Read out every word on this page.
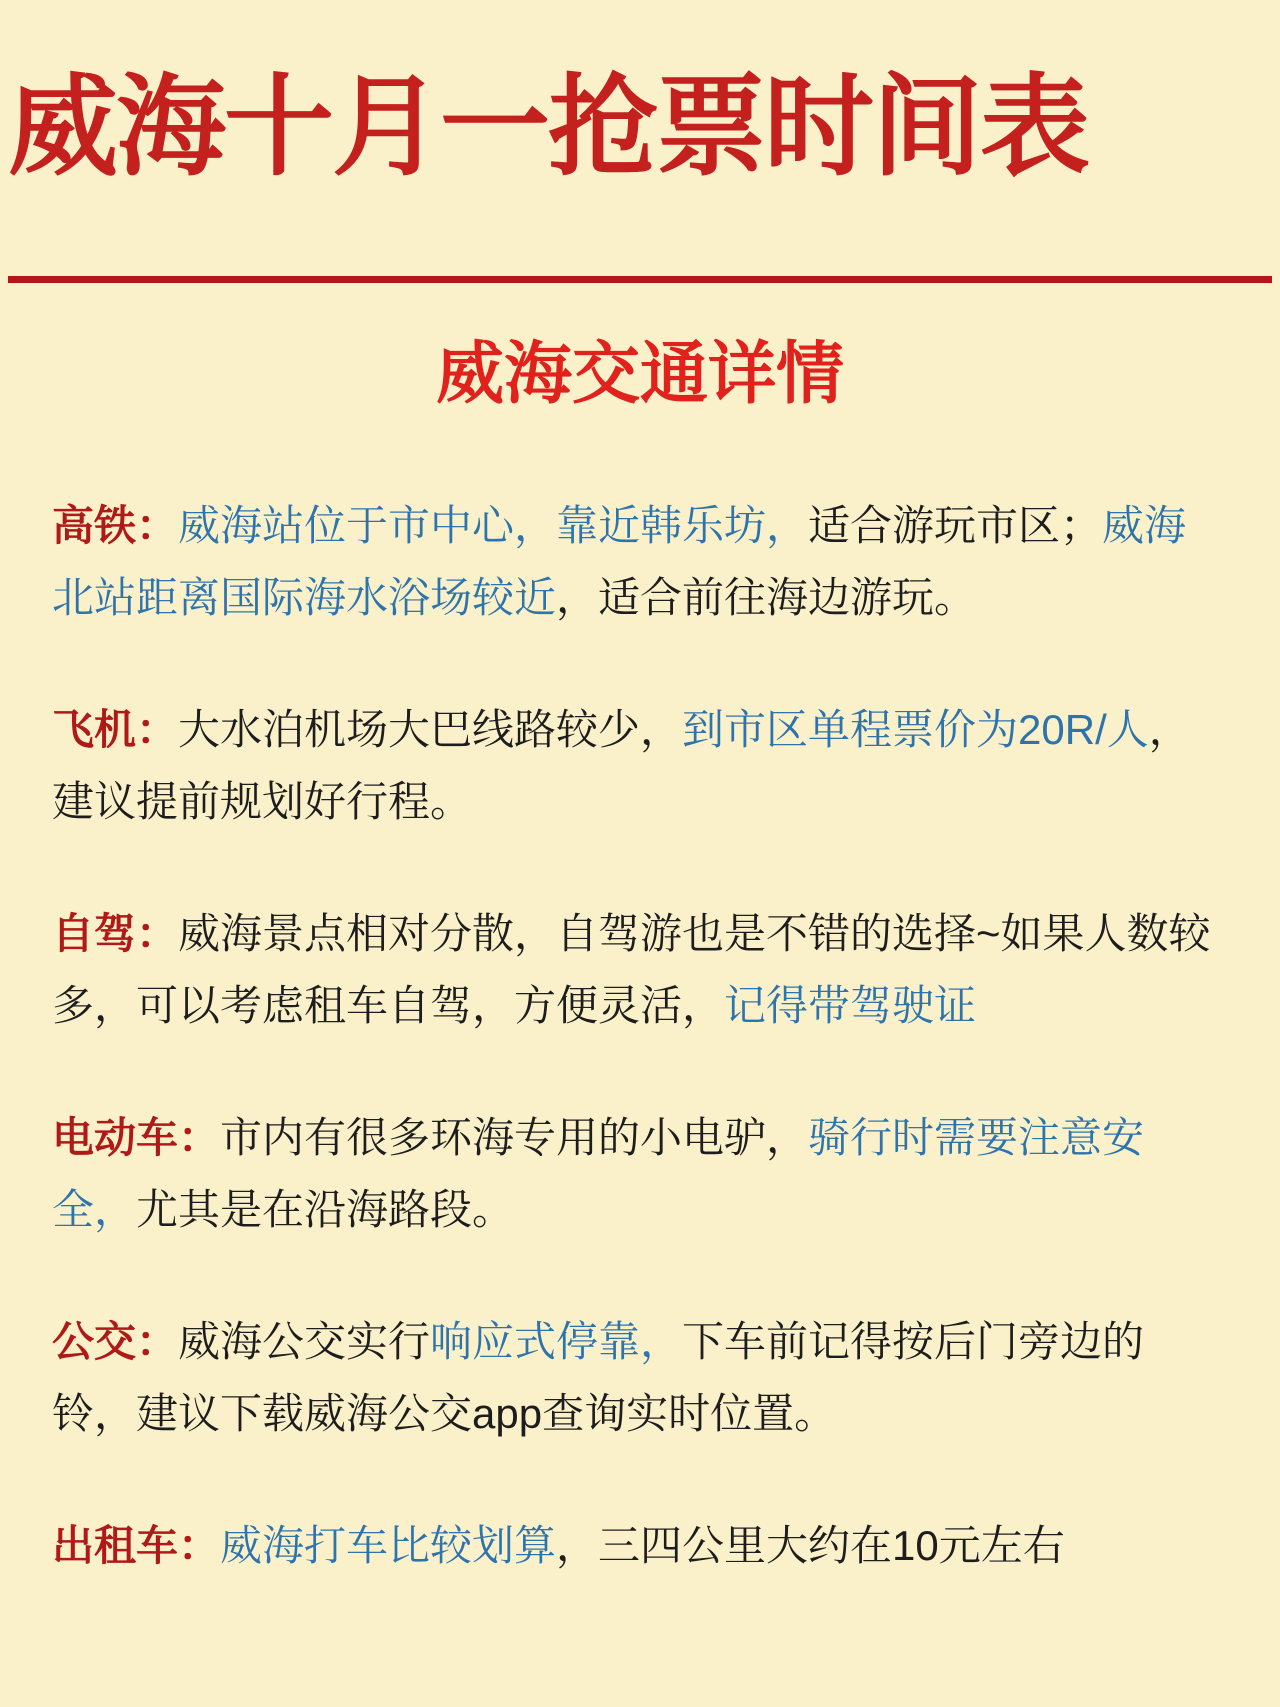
威海十月一抢票时间表
威海交通详情

高铁：威海站位于市中心，靠近韩乐坊，适合游玩市区；威海北站距离国际海水浴场较近，适合前往海边游玩。

飞机：大水泊机场大巴线路较少，到市区单程票价为20R/人，建议提前规划好行程。

自驾：威海景点相对分散，自驾游也是不错的选择~如果人数较多，可以考虑租车自驾，方便灵活，记得带驾驶证

电动车：市内有很多环海专用的小电驴，骑行时需要注意安全，尤其是在沿海路段。

公交：威海公交实行响应式停靠，下车前记得按后门旁边的铃，建议下载威海公交app查询实时位置。

出租车：威海打车比较划算，三四公里大约在10元左右
